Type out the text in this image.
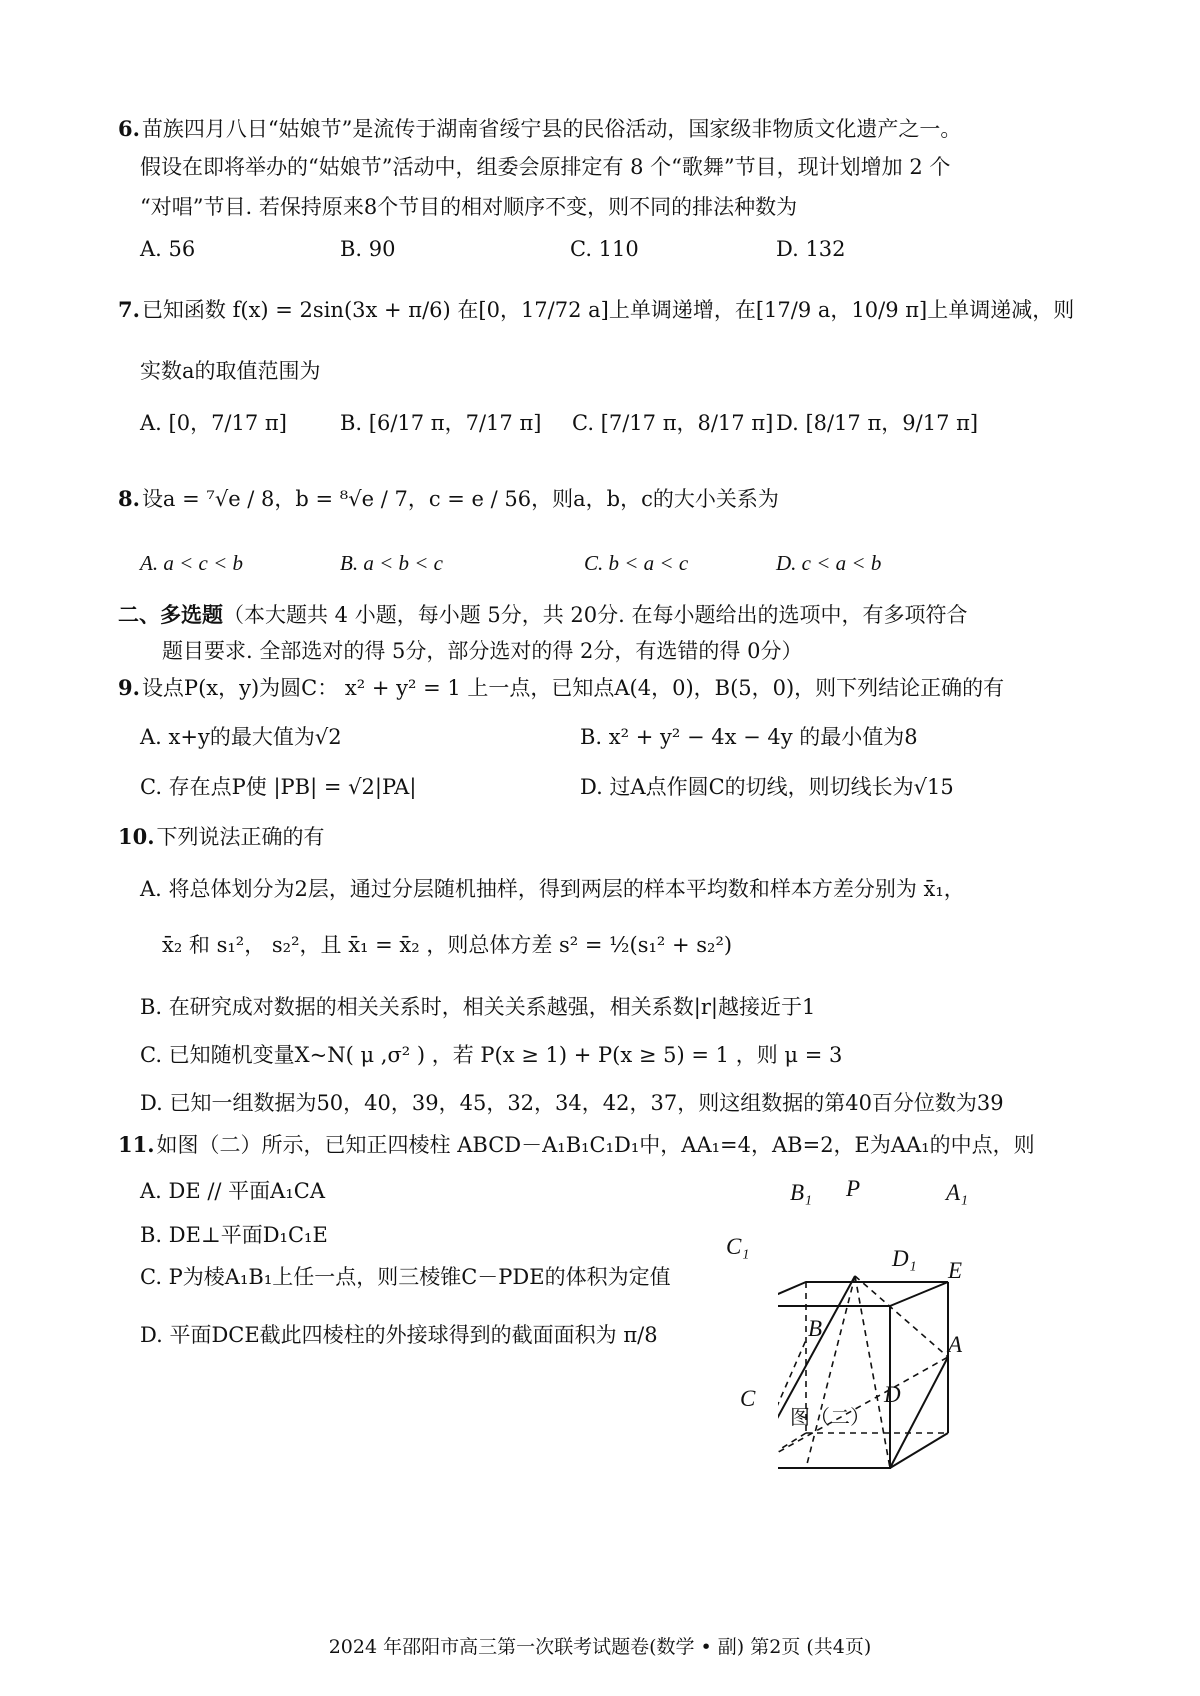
6.苗族四月八日“姑娘节”是流传于湖南省绥宁县的民俗活动，国家级非物质文化遗产之一。
假设在即将举办的“姑娘节”活动中，组委会原排定有 8 个“歌舞”节目，现计划增加 2 个
“对唱”节目. 若保持原来8个节目的相对顺序不变，则不同的排法种数为
A. 56	B. 90	C. 110	D. 132
7.已知函数 f(x) = 2sin(3x + π/6) 在[0，17/72 a]上单调递增，在[17/9 a，10/9 π]上单调递减，则
实数a的取值范围为
A. [0，7/17 π]	B. [6/17 π，7/17 π] C. [7/17 π，8/17 π] D. [8/17 π，9/17 π]
8.设a = ⁷√e / 8，b = ⁸√e / 7，c = e / 56，则a，b，c的大小关系为
A. a < c < b	B. a < b < c	C. b < a < c	D. c < a < b
二、多选题（本大题共 4 小题，每小题 5分，共 20分. 在每小题给出的选项中，有多项符合
题目要求. 全部选对的得 5分，部分选对的得 2分，有选错的得 0分）
9.设点P(x，y)为圆C： x² + y² = 1 上一点，已知点A(4，0)，B(5，0)，则下列结论正确的有
A. x+y的最大值为√2	B. x² + y² − 4x − 4y 的最小值为8
C. 存在点P使 |PB| = √2|PA|	D. 过A点作圆C的切线，则切线长为√15
10.下列说法正确的有
A. 将总体划分为2层，通过分层随机抽样，得到两层的样本平均数和样本方差分别为 x̄₁，
x̄₂ 和 s₁²， s₂²，且 x̄₁ = x̄₂ ，则总体方差 s² = ½(s₁² + s₂²)
B. 在研究成对数据的相关关系时，相关关系越强，相关系数|r|越接近于1
C. 已知随机变量X~N( μ ,σ² ) ，若 P(x ≥ 1) + P(x ≥ 5) = 1 ，则 μ = 3
D. 已知一组数据为50，40，39，45，32，34，42，37，则这组数据的第40百分位数为39
11.如图（二）所示，已知正四棱柱 ABCD－A₁B₁C₁D₁中，AA₁=4，AB=2，E为AA₁的中点，则
A. DE // 平面A₁CA
B. DE⊥平面D₁C₁E
C. P为棱A₁B₁上任一点，则三棱锥C－PDE的体积为定值
D. 平面DCE截此四棱柱的外接球得到的截面面积为 π/8
B₁ P	A₁
C₁	D₁ E
B
A
C	D
图（二）
2024 年邵阳市高三第一次联考试题卷(数学 • 副) 第2页 (共4页)
